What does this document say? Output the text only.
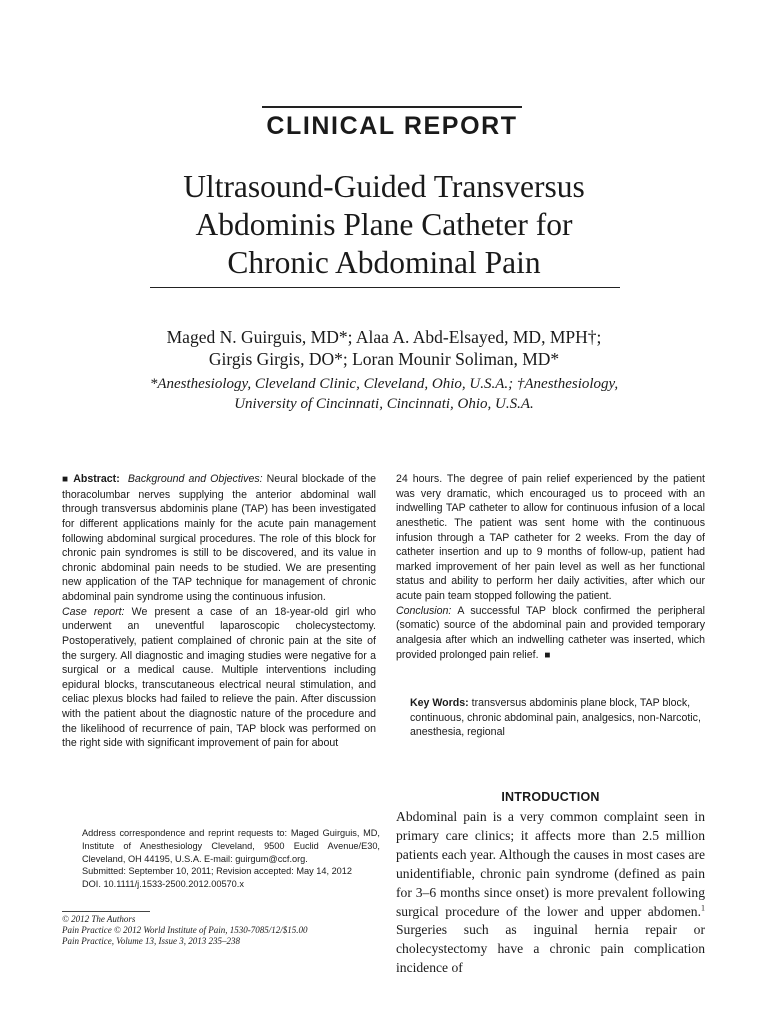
CLINICAL REPORT
Ultrasound-Guided Transversus
Abdominis Plane Catheter for
Chronic Abdominal Pain
Maged N. Guirguis, MD*; Alaa A. Abd-Elsayed, MD, MPH†;
Girgis Girgis, DO*; Loran Mounir Soliman, MD*
*Anesthesiology, Cleveland Clinic, Cleveland, Ohio, U.S.A.; †Anesthesiology,
University of Cincinnati, Cincinnati, Ohio, U.S.A.

■ Abstract: Background and Objectives: Neural blockade of the thoracolumbar nerves supplying the anterior abdominal wall through transversus abdominis plane (TAP) has been investigated for different applications mainly for the acute pain management following abdominal surgical procedures. The role of this block for chronic pain syndromes is still to be discovered, and its value in chronic abdominal pain needs to be studied. We are presenting new application of the TAP technique for management of chronic abdominal pain syndrome using the continuous infusion.

Case report: We present a case of an 18-year-old girl who underwent an uneventful laparoscopic cholecystectomy. Postoperatively, patient complained of chronic pain at the site of the surgery. All diagnostic and imaging studies were negative for a surgical or a medical cause. Multiple interventions including epidural blocks, transcutaneous electrical neural stimulation, and celiac plexus blocks had failed to relieve the pain. After discussion with the patient about the diagnostic nature of the procedure and the likelihood of recurrence of pain, TAP block was performed on the right side with significant improvement of pain for about

24 hours. The degree of pain relief experienced by the patient was very dramatic, which encouraged us to proceed with an indwelling TAP catheter to allow for continuous infusion of a local anesthetic. The patient was sent home with the continuous infusion through a TAP catheter for 2 weeks. From the day of catheter insertion and up to 9 months of follow-up, patient had marked improvement of her pain level as well as her functional status and ability to perform her daily activities, after which our acute pain team stopped following the patient.

Conclusion: A successful TAP block confirmed the peripheral (somatic) source of the abdominal pain and provided temporary analgesia after which an indwelling catheter was inserted, which provided prolonged pain relief. ■

Key Words: transversus abdominis plane block, TAP block, continuous, chronic abdominal pain, analgesics, non-Narcotic, anesthesia, regional
INTRODUCTION
Abdominal pain is a very common complaint seen in primary care clinics; it affects more than 2.5 million patients each year. Although the causes in most cases are unidentifiable, chronic pain syndrome (defined as pain for 3–6 months since onset) is more prevalent following surgical procedure of the lower and upper abdomen.$^1$ Surgeries such as inguinal hernia repair or cholecystectomy have a chronic pain complication incidence of

Address correspondence and reprint requests to: Maged Guirguis, MD, Institute of Anesthesiology Cleveland, 9500 Euclid Avenue/E30, Cleveland, OH 44195, U.S.A. E-mail: guirgum@ccf.org.

Submitted: September 10, 2011; Revision accepted: May 14, 2012

DOI. 10.1111/j.1533-2500.2012.00570.x

© 2012 The Authors

Pain Practice © 2012 World Institute of Pain, 1530-7085/12/$15.00

Pain Practice, Volume 13, Issue 3, 2013 235–238
